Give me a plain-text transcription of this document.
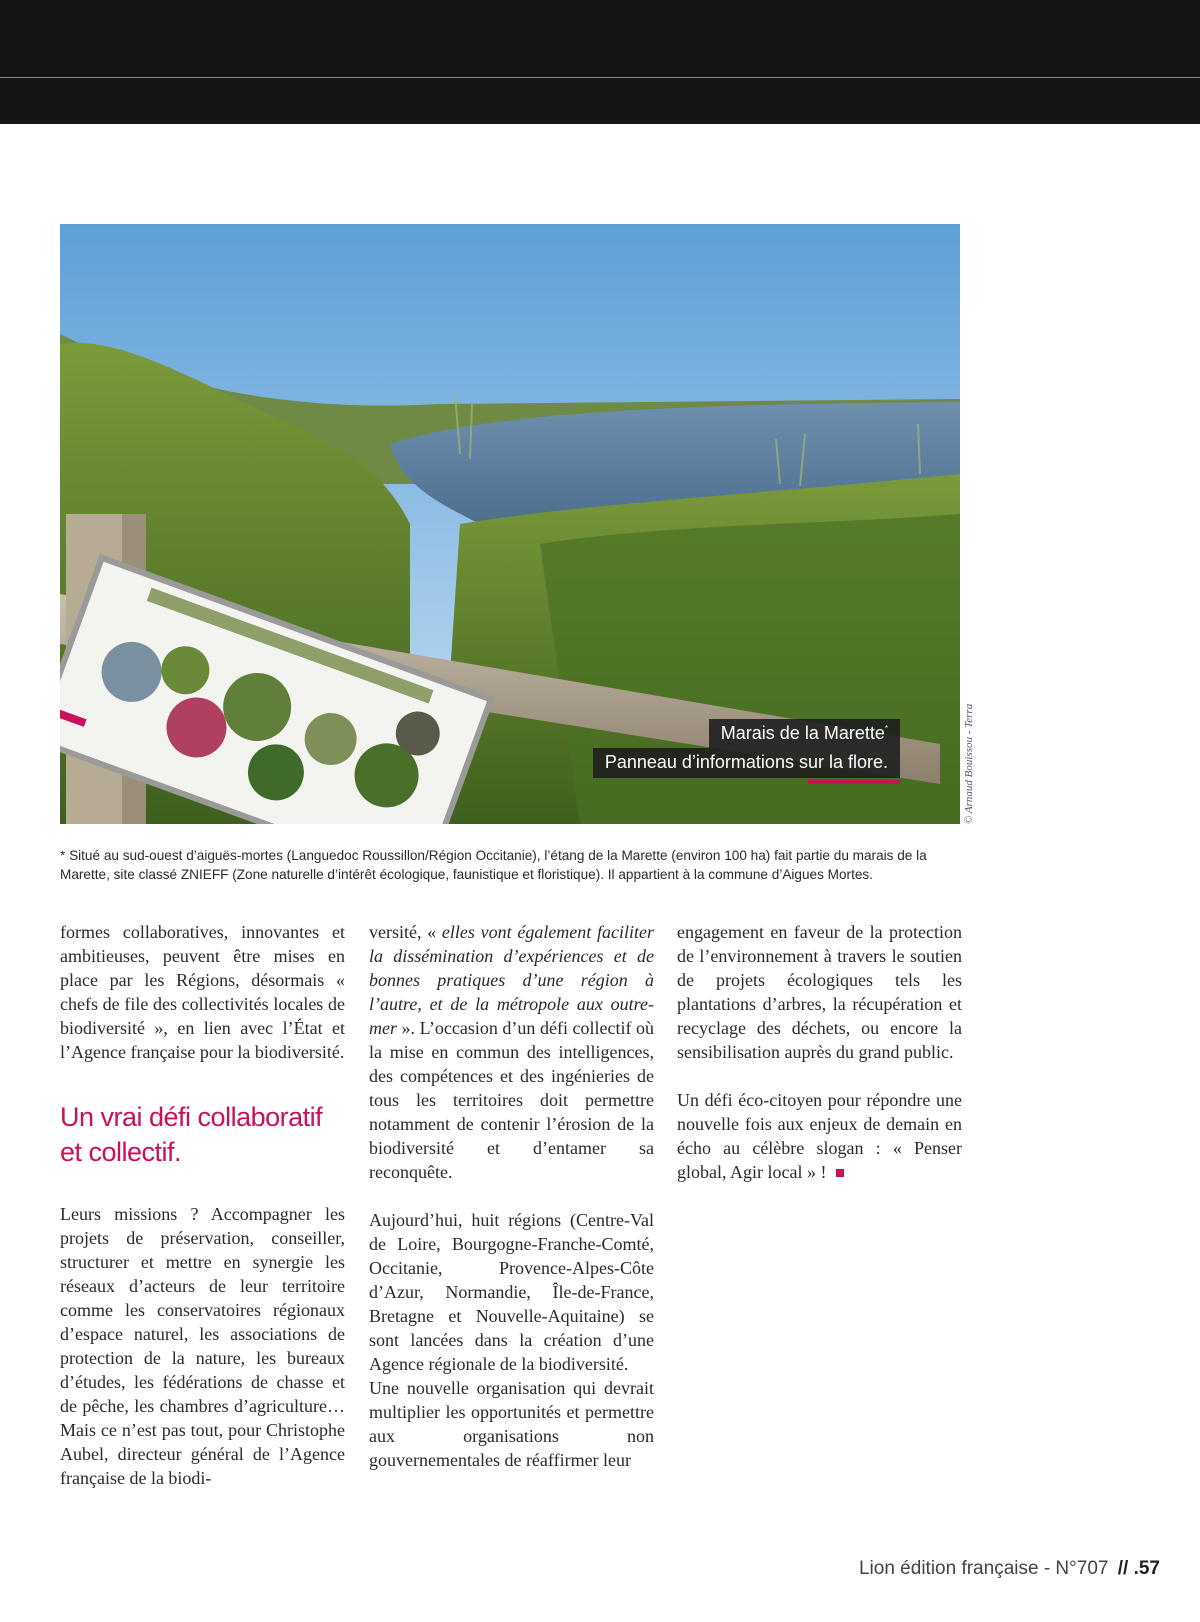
Marais de la Marette*
Panneau d’informations sur la flore.	© Arnaud Bouissou - Terra
* Situé au sud-ouest d’aiguës-mortes (Languedoc Roussillon/Région Occitanie), l’étang de la Marette (environ 100 ha) fait partie du marais de la Marette, site classé ZNIEFF (Zone naturelle d’intérêt écologique, faunistique et floristique). Il appartient à la commune d’Aigues Mortes.

formes collaboratives, innovantes et ambitieuses, peuvent être mises en place par les Régions, désormais « chefs de file des collectivités locales de biodiversité », en lien avec l’État et l’Agence française pour la biodiversité.

Un vrai défi collaboratif et collectif.

Leurs missions ? Accompagner les projets de préservation, conseiller, structurer et mettre en synergie les réseaux d’acteurs de leur territoire comme les conservatoires régionaux d’espace naturel, les associations de protection de la nature, les bureaux d’études, les fédérations de chasse et de pêche, les chambres d’agriculture… Mais ce n’est pas tout, pour Christophe Aubel, directeur général de l’Agence française de la biodi-

versité, « elles vont également faciliter la dissémination d’expériences et de bonnes pratiques d’une région à l’autre, et de la métropole aux outre-mer ». L’occasion d’un défi collectif où la mise en commun des intelligences, des compétences et des ingénieries de tous les territoires doit permettre notamment de contenir l’érosion de la biodiversité et d’entamer sa reconquête.

Aujourd’hui, huit régions (Centre-Val de Loire, Bourgogne-Franche-Comté, Occitanie, Provence-Alpes-Côte d’Azur, Normandie, Île-de-France, Bretagne et Nouvelle-Aquitaine) se sont lancées dans la création d’une Agence régionale de la biodiversité.

Une nouvelle organisation qui devrait multiplier les opportunités et permettre aux organisations non gouvernementales de réaffirmer leur

engagement en faveur de la protection de l’environnement à travers le soutien de projets écologiques tels les plantations d’arbres, la récupération et recyclage des déchets, ou encore la sensibilisation auprès du grand public.

Un défi éco-citoyen pour répondre une nouvelle fois aux enjeux de demain en écho au célèbre slogan : « Penser global, Agir local » !

Lion édition française - N°707 // .57
